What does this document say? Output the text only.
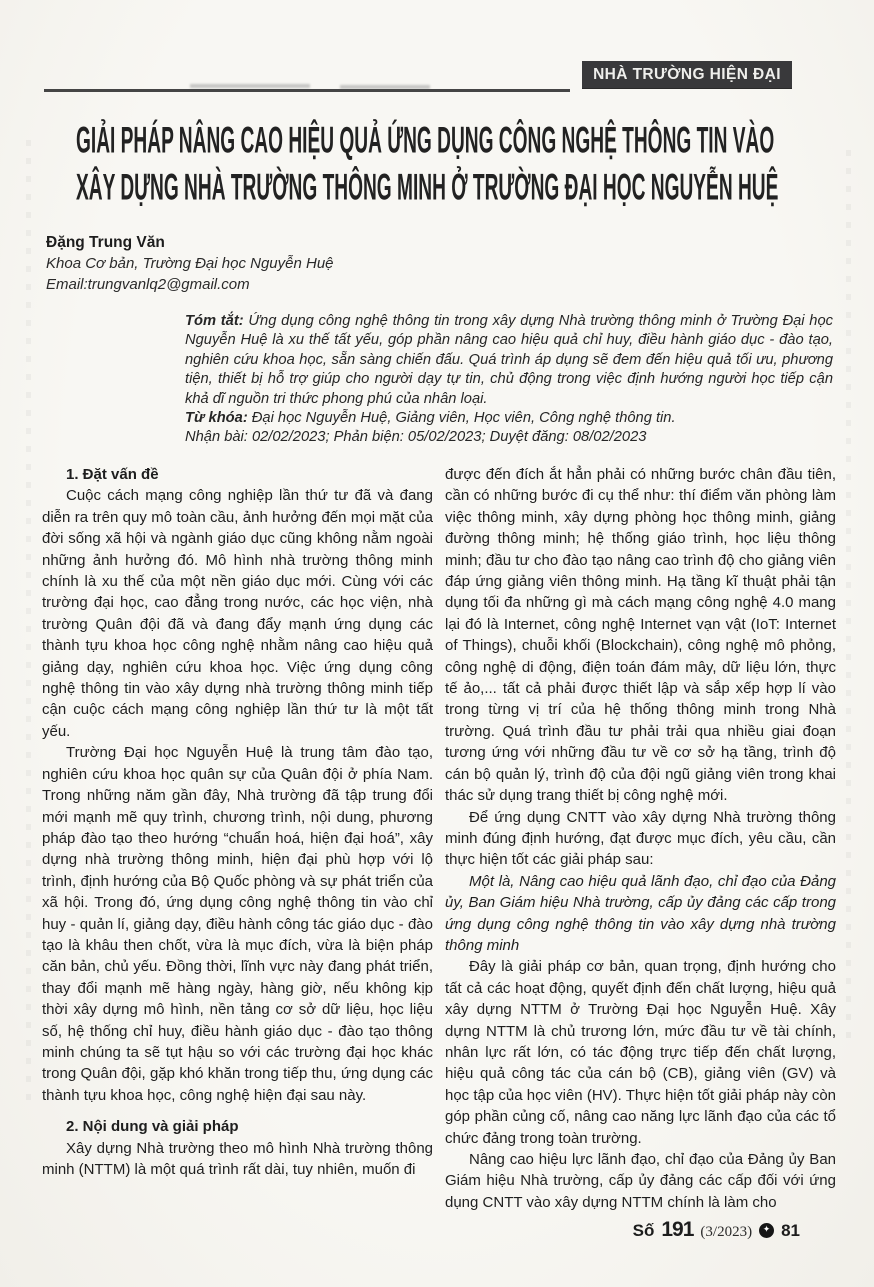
NHÀ TRƯỜNG HIỆN ĐẠI
GIẢI PHÁP NÂNG CAO HIỆU QUẢ ỨNG DỤNG CÔNG NGHỆ THÔNG TIN VÀO
XÂY DỰNG NHÀ TRƯỜNG THÔNG MINH Ở TRƯỜNG ĐẠI HỌC NGUYỄN HUỆ
Đặng Trung Văn
Khoa Cơ bản, Trường Đại học Nguyễn Huệ
Email:trungvanlq2@gmail.com

Tóm tắt: Ứng dụng công nghệ thông tin trong xây dựng Nhà trường thông minh ở Trường Đại học Nguyễn Huệ là xu thế tất yếu, góp phần nâng cao hiệu quả chỉ huy, điều hành giáo dục - đào tạo, nghiên cứu khoa học, sẵn sàng chiến đấu. Quá trình áp dụng sẽ đem đến hiệu quả tối ưu, phương tiện, thiết bị hỗ trợ giúp cho người dạy tự tin, chủ động trong việc định hướng người học tiếp cận khả dĩ nguồn tri thức phong phú của nhân loại.

Từ khóa: Đại học Nguyễn Huệ, Giảng viên, Học viên, Công nghệ thông tin.

Nhận bài: 02/02/2023; Phản biện: 05/02/2023; Duyệt đăng: 08/02/2023

1. Đặt vấn đề

Cuộc cách mạng công nghiệp lần thứ tư đã và đang diễn ra trên quy mô toàn cầu, ảnh hưởng đến mọi mặt của đời sống xã hội và ngành giáo dục cũng không nằm ngoài những ảnh hưởng đó. Mô hình nhà trường thông minh chính là xu thế của một nền giáo dục mới. Cùng với các trường đại học, cao đẳng trong nước, các học viện, nhà trường Quân đội đã và đang đẩy mạnh ứng dụng các thành tựu khoa học công nghệ nhằm nâng cao hiệu quả giảng dạy, nghiên cứu khoa học. Việc ứng dụng công nghệ thông tin vào xây dựng nhà trường thông minh tiếp cận cuộc cách mạng công nghiệp lần thứ tư là một tất yếu.

Trường Đại học Nguyễn Huệ là trung tâm đào tạo, nghiên cứu khoa học quân sự của Quân đội ở phía Nam. Trong những năm gần đây, Nhà trường đã tập trung đổi mới mạnh mẽ quy trình, chương trình, nội dung, phương pháp đào tạo theo hướng “chuẩn hoá, hiện đại hoá”, xây dựng nhà trường thông minh, hiện đại phù hợp với lộ trình, định hướng của Bộ Quốc phòng và sự phát triển của xã hội. Trong đó, ứng dụng công nghệ thông tin vào chỉ huy - quản lí, giảng dạy, điều hành công tác giáo dục - đào tạo là khâu then chốt, vừa là mục đích, vừa là biện pháp căn bản, chủ yếu. Đồng thời, lĩnh vực này đang phát triển, thay đổi mạnh mẽ hàng ngày, hàng giờ, nếu không kịp thời xây dựng mô hình, nền tảng cơ sở dữ liệu, học liệu số, hệ thống chỉ huy, điều hành giáo dục - đào tạo thông minh chúng ta sẽ tụt hậu so với các trường đại học khác trong Quân đội, gặp khó khăn trong tiếp thu, ứng dụng các thành tựu khoa học, công nghệ hiện đại sau này.

2. Nội dung và giải pháp

Xây dựng Nhà trường theo mô hình Nhà trường thông minh (NTTM) là một quá trình rất dài, tuy nhiên, muốn đi

được đến đích ắt hẳn phải có những bước chân đầu tiên, cần có những bước đi cụ thể như: thí điểm văn phòng làm việc thông minh, xây dựng phòng học thông minh, giảng đường thông minh; hệ thống giáo trình, học liệu thông minh; đầu tư cho đào tạo nâng cao trình độ cho giảng viên đáp ứng giảng viên thông minh. Hạ tầng kĩ thuật phải tận dụng tối đa những gì mà cách mạng công nghệ 4.0 mang lại đó là Internet, công nghệ Internet vạn vật (IoT: Internet of Things), chuỗi khối (Blockchain), công nghệ mô phỏng, công nghệ di động, điện toán đám mây, dữ liệu lớn, thực tế ảo,... tất cả phải được thiết lập và sắp xếp hợp lí vào trong từng vị trí của hệ thống thông minh trong Nhà trường. Quá trình đầu tư phải trải qua nhiều giai đoạn tương ứng với những đầu tư về cơ sở hạ tầng, trình độ cán bộ quản lý, trình độ của đội ngũ giảng viên trong khai thác sử dụng trang thiết bị công nghệ mới.

Để ứng dụng CNTT vào xây dựng Nhà trường thông minh đúng định hướng, đạt được mục đích, yêu cầu, cần thực hiện tốt các giải pháp sau:

Một là, Nâng cao hiệu quả lãnh đạo, chỉ đạo của Đảng ủy, Ban Giám hiệu Nhà trường, cấp ủy đảng các cấp trong ứng dụng công nghệ thông tin vào xây dựng nhà trường thông minh

Đây là giải pháp cơ bản, quan trọng, định hướng cho tất cả các hoạt động, quyết định đến chất lượng, hiệu quả xây dựng NTTM ở Trường Đại học Nguyễn Huệ. Xây dựng NTTM là chủ trương lớn, mức đầu tư về tài chính, nhân lực rất lớn, có tác động trực tiếp đến chất lượng, hiệu quả công tác của cán bộ (CB), giảng viên (GV) và học tập của học viên (HV). Thực hiện tốt giải pháp này còn góp phần củng cố, nâng cao năng lực lãnh đạo của các tổ chức đảng trong toàn trường.

Nâng cao hiệu lực lãnh đạo, chỉ đạo của Đảng ủy Ban Giám hiệu Nhà trường, cấp ủy đảng các cấp đối với ứng dụng CNTT vào xây dựng NTTM chính là làm cho

Số 191 (3/2023)	✦ 81
